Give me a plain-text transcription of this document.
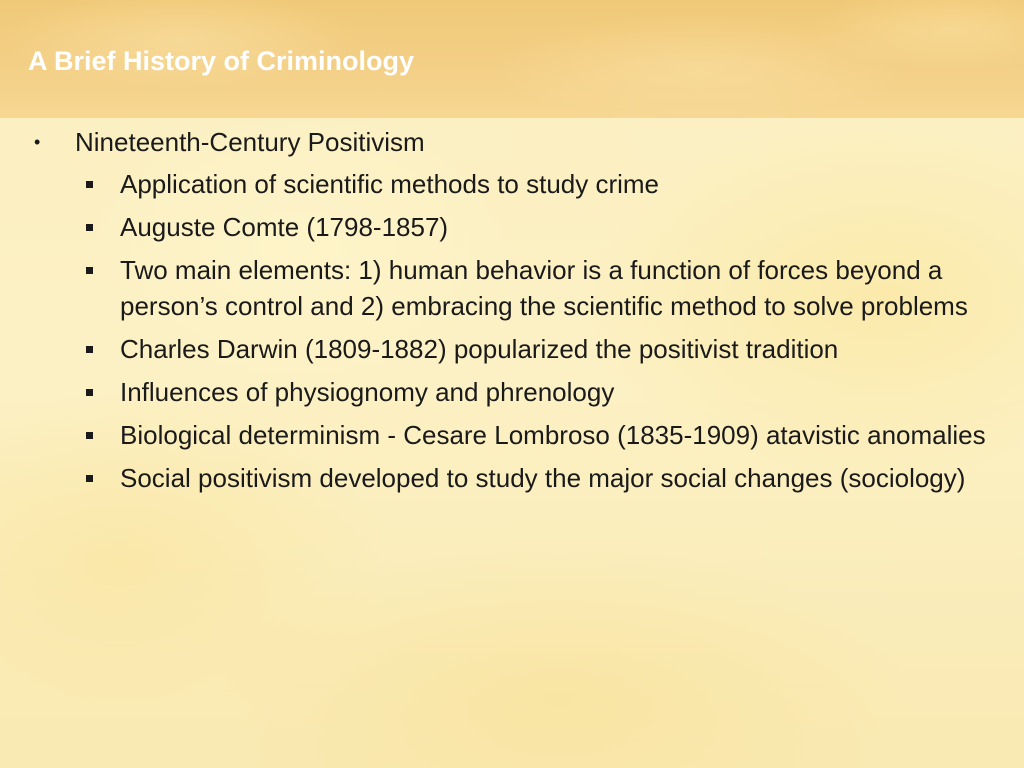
A Brief History of Criminology
• Nineteenth-Century Positivism
Application of scientific methods to study crime
Auguste Comte (1798-1857)
Two main elements: 1) human behavior is a function of forces beyond a person’s control and 2) embracing the scientific method to solve problems
Charles Darwin (1809-1882) popularized the positivist tradition
Influences of physiognomy and phrenology
Biological determinism - Cesare Lombroso (1835-1909) atavistic anomalies
Social positivism developed to study the major social changes (sociology)
